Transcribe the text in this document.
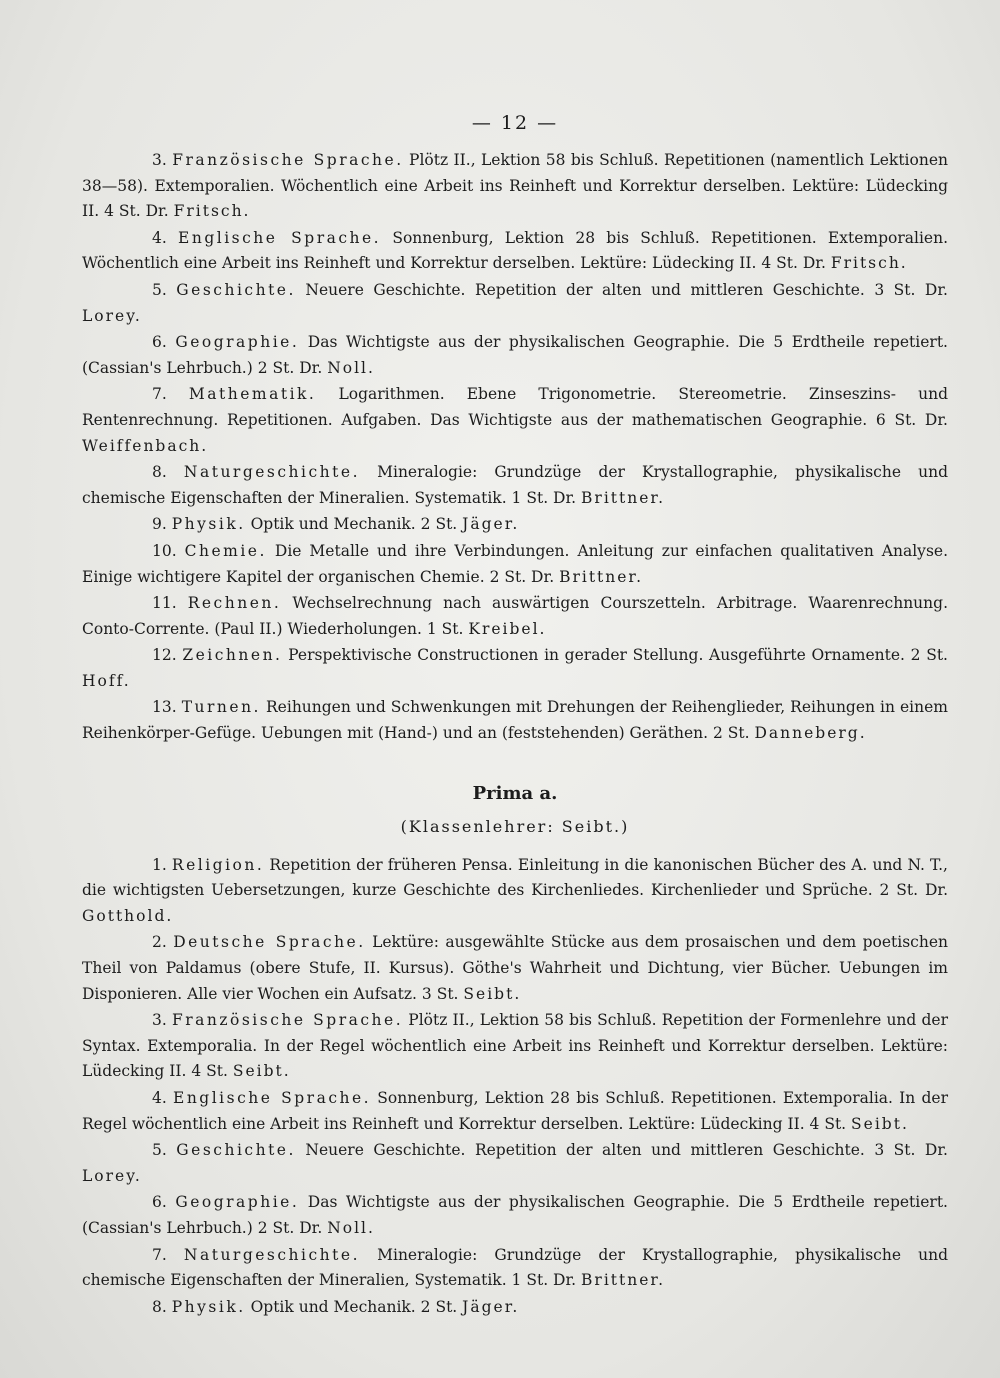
— 12 —

3. Französische Sprache. Plötz II., Lektion 58 bis Schluß. Repetitionen (namentlich Lektionen 38—58). Extemporalien. Wöchentlich eine Arbeit ins Reinheft und Korrektur derselben. Lektüre: Lüdecking II. 4 St. Dr. Fritsch.

4. Englische Sprache. Sonnenburg, Lektion 28 bis Schluß. Repetitionen. Extemporalien. Wöchentlich eine Arbeit ins Reinheft und Korrektur derselben. Lektüre: Lüdecking II. 4 St. Dr. Fritsch.

5. Geschichte. Neuere Geschichte. Repetition der alten und mittleren Geschichte. 3 St. Dr. Lorey.

6. Geographie. Das Wichtigste aus der physikalischen Geographie. Die 5 Erdtheile repetiert. (Cassian's Lehrbuch.) 2 St. Dr. Noll.

7. Mathematik. Logarithmen. Ebene Trigonometrie. Stereometrie. Zinseszins- und Rentenrechnung. Repetitionen. Aufgaben. Das Wichtigste aus der mathematischen Geographie. 6 St. Dr. Weiffenbach.

8. Naturgeschichte. Mineralogie: Grundzüge der Krystallographie, physikalische und chemische Eigenschaften der Mineralien. Systematik. 1 St. Dr. Brittner.

9. Physik. Optik und Mechanik. 2 St. Jäger.

10. Chemie. Die Metalle und ihre Verbindungen. Anleitung zur einfachen qualitativen Analyse. Einige wichtigere Kapitel der organischen Chemie. 2 St. Dr. Brittner.

11. Rechnen. Wechselrechnung nach auswärtigen Courszetteln. Arbitrage. Waarenrechnung. Conto-Corrente. (Paul II.) Wiederholungen. 1 St. Kreibel.

12. Zeichnen. Perspektivische Constructionen in gerader Stellung. Ausgeführte Ornamente. 2 St. Hoff.

13. Turnen. Reihungen und Schwenkungen mit Drehungen der Reihenglieder, Reihungen in einem Reihenkörper-Gefüge. Uebungen mit (Hand-) und an (feststehenden) Geräthen. 2 St. Danneberg.

Prima a.
(Klassenlehrer: Seibt.)

1. Religion. Repetition der früheren Pensa. Einleitung in die kanonischen Bücher des A. und N. T., die wichtigsten Uebersetzungen, kurze Geschichte des Kirchenliedes. Kirchenlieder und Sprüche. 2 St. Dr. Gotthold.

2. Deutsche Sprache. Lektüre: ausgewählte Stücke aus dem prosaischen und dem poetischen Theil von Paldamus (obere Stufe, II. Kursus). Göthe's Wahrheit und Dichtung, vier Bücher. Uebungen im Disponieren. Alle vier Wochen ein Aufsatz. 3 St. Seibt.

3. Französische Sprache. Plötz II., Lektion 58 bis Schluß. Repetition der Formenlehre und der Syntax. Extemporalia. In der Regel wöchentlich eine Arbeit ins Reinheft und Korrektur derselben. Lektüre: Lüdecking II. 4 St. Seibt.

4. Englische Sprache. Sonnenburg, Lektion 28 bis Schluß. Repetitionen. Extemporalia. In der Regel wöchentlich eine Arbeit ins Reinheft und Korrektur derselben. Lektüre: Lüdecking II. 4 St. Seibt.

5. Geschichte. Neuere Geschichte. Repetition der alten und mittleren Geschichte. 3 St. Dr. Lorey.

6. Geographie. Das Wichtigste aus der physikalischen Geographie. Die 5 Erdtheile repetiert. (Cassian's Lehrbuch.) 2 St. Dr. Noll.

7. Naturgeschichte. Mineralogie: Grundzüge der Krystallographie, physikalische und chemische Eigenschaften der Mineralien, Systematik. 1 St. Dr. Brittner.

8. Physik. Optik und Mechanik. 2 St. Jäger.
